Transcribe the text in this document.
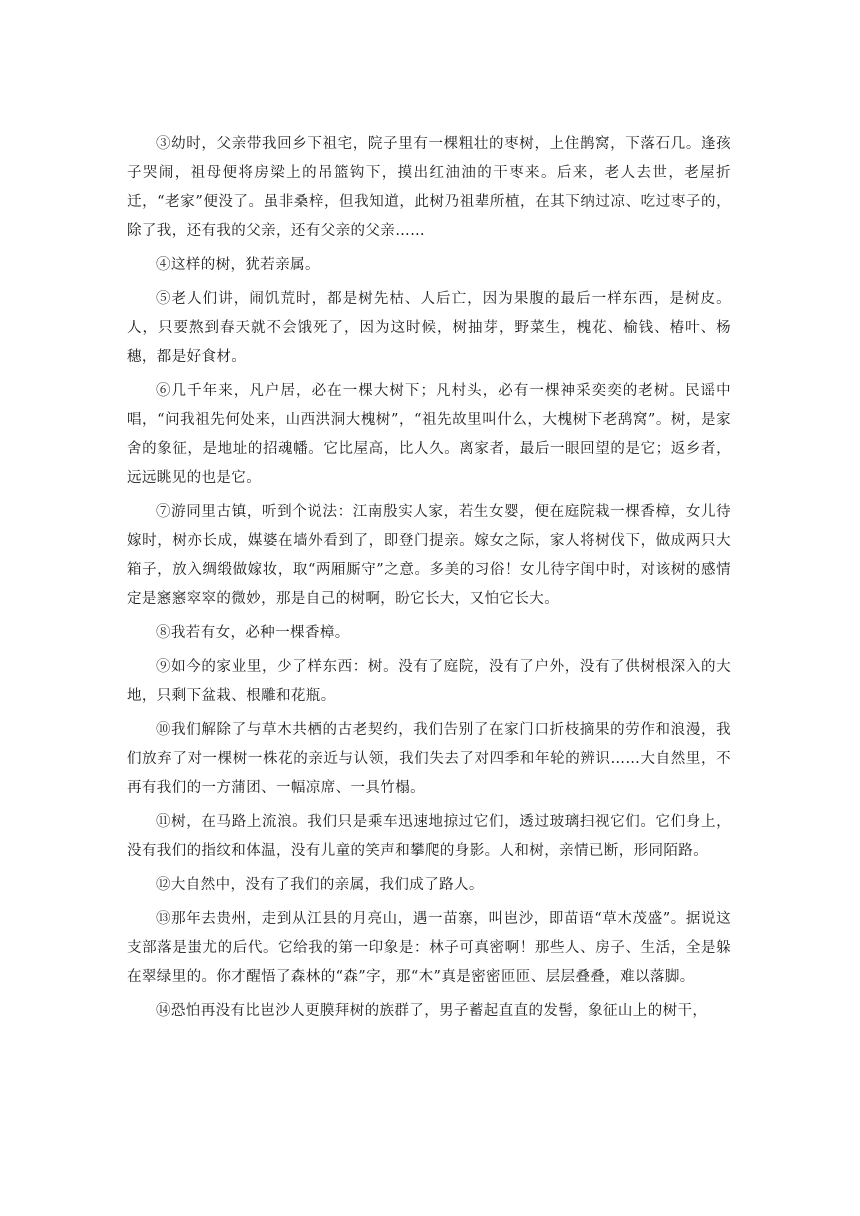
③幼时，父亲带我回乡下祖宅，院子里有一棵粗壮的枣树，上住鹊窝，下落石几。逢孩子哭闹，祖母便将房梁上的吊篮钩下，摸出红油油的干枣来。后来，老人去世，老屋折迁，“老家”便没了。虽非桑梓，但我知道，此树乃祖辈所植，在其下纳过凉、吃过枣子的，除了我，还有我的父亲，还有父亲的父亲……

④这样的树，犹若亲属。

⑤老人们讲，闹饥荒时，都是树先枯、人后亡，因为果腹的最后一样东西，是树皮。人，只要熬到春天就不会饿死了，因为这时候，树抽芽，野菜生，槐花、榆钱、椿叶、杨穗，都是好食材。

⑥几千年来，凡户居，必在一棵大树下；凡村头，必有一棵神采奕奕的老树。民谣中唱，“问我祖先何处来，山西洪洞大槐树”，“祖先故里叫什么，大槐树下老鸹窝”。树，是家舍的象征，是地址的招魂幡。它比屋高，比人久。离家者，最后一眼回望的是它；返乡者，远远眺见的也是它。

⑦游同里古镇，听到个说法：江南殷实人家，若生女婴，便在庭院栽一棵香樟，女儿待嫁时，树亦长成，媒婆在墙外看到了，即登门提亲。嫁女之际，家人将树伐下，做成两只大箱子，放入绸缎做嫁妆，取“两厢厮守”之意。多美的习俗！女儿待字闺中时，对该树的感情定是窸窸窣窣的微妙，那是自己的树啊，盼它长大，又怕它长大。

⑧我若有女，必种一棵香樟。

⑨如今的家业里，少了样东西：树。没有了庭院，没有了户外，没有了供树根深入的大地，只剩下盆栽、根雕和花瓶。

⑩我们解除了与草木共栖的古老契约，我们告别了在家门口折枝摘果的劳作和浪漫，我们放弃了对一棵树一株花的亲近与认领，我们失去了对四季和年轮的辨识……大自然里，不再有我们的一方蒲团、一幅凉席、一具竹榻。

⑪树，在马路上流浪。我们只是乘车迅速地掠过它们，透过玻璃扫视它们。它们身上，没有我们的指纹和体温，没有儿童的笑声和攀爬的身影。人和树，亲情已断，形同陌路。

⑫大自然中，没有了我们的亲属，我们成了路人。

⑬那年去贵州，走到从江县的月亮山，遇一苗寨，叫岜沙，即苗语“草木茂盛”。据说这支部落是蚩尤的后代。它给我的第一印象是：林子可真密啊！那些人、房子、生活，全是躲在翠绿里的。你才醒悟了森林的“森”字，那“木”真是密密匝匝、层层叠叠，难以落脚。

⑭恐怕再没有比岜沙人更膜拜树的族群了，男子蓄起直直的发髻，象征山上的树干，
